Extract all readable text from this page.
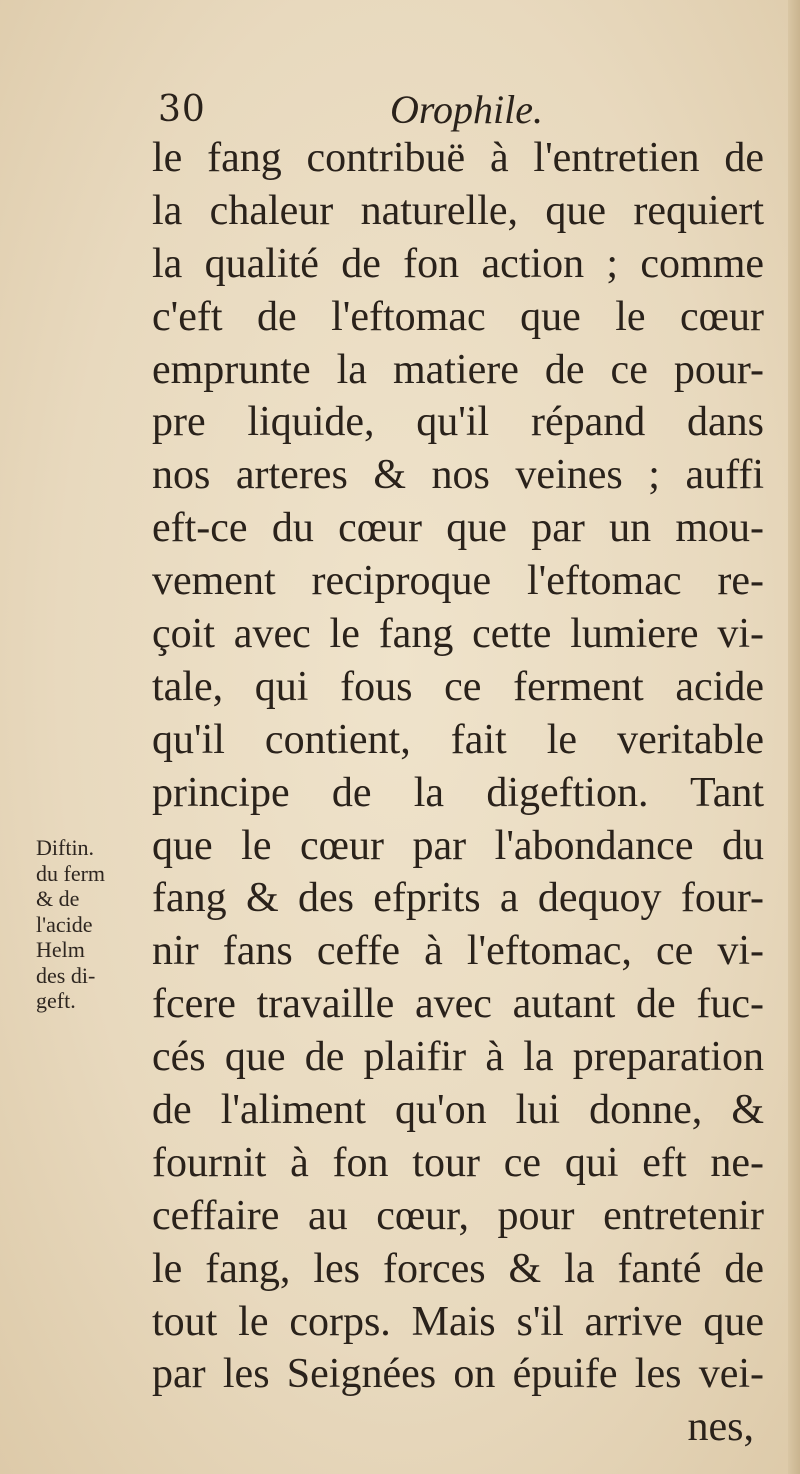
30	Orophile.
Diftin.
du ferm
& de
l'acide
Helm
des di-
geft.
le fang contribuë à l'entretien de
la chaleur naturelle, que requiert
la qualité de fon action ; comme
c'eft de l'eftomac que le cœur
emprunte la matiere de ce pour-
pre liquide, qu'il répand dans
nos arteres & nos veines ; auffi
eft-ce du cœur que par un mou-
vement reciproque l'eftomac re-
çoit avec le fang cette lumiere vi-
tale, qui fous ce ferment acide
qu'il contient, fait le veritable
principe de la digeftion. Tant
que le cœur par l'abondance du
fang & des efprits a dequoy four-
nir fans ceffe à l'eftomac, ce vi-
fcere travaille avec autant de fuc-
cés que de plaifir à la preparation
de l'aliment qu'on lui donne, &
fournit à fon tour ce qui eft ne-
ceffaire au cœur, pour entretenir
le fang, les forces & la fanté de
tout le corps. Mais s'il arrive que
par les Seignées on épuife les vei-
nes,
